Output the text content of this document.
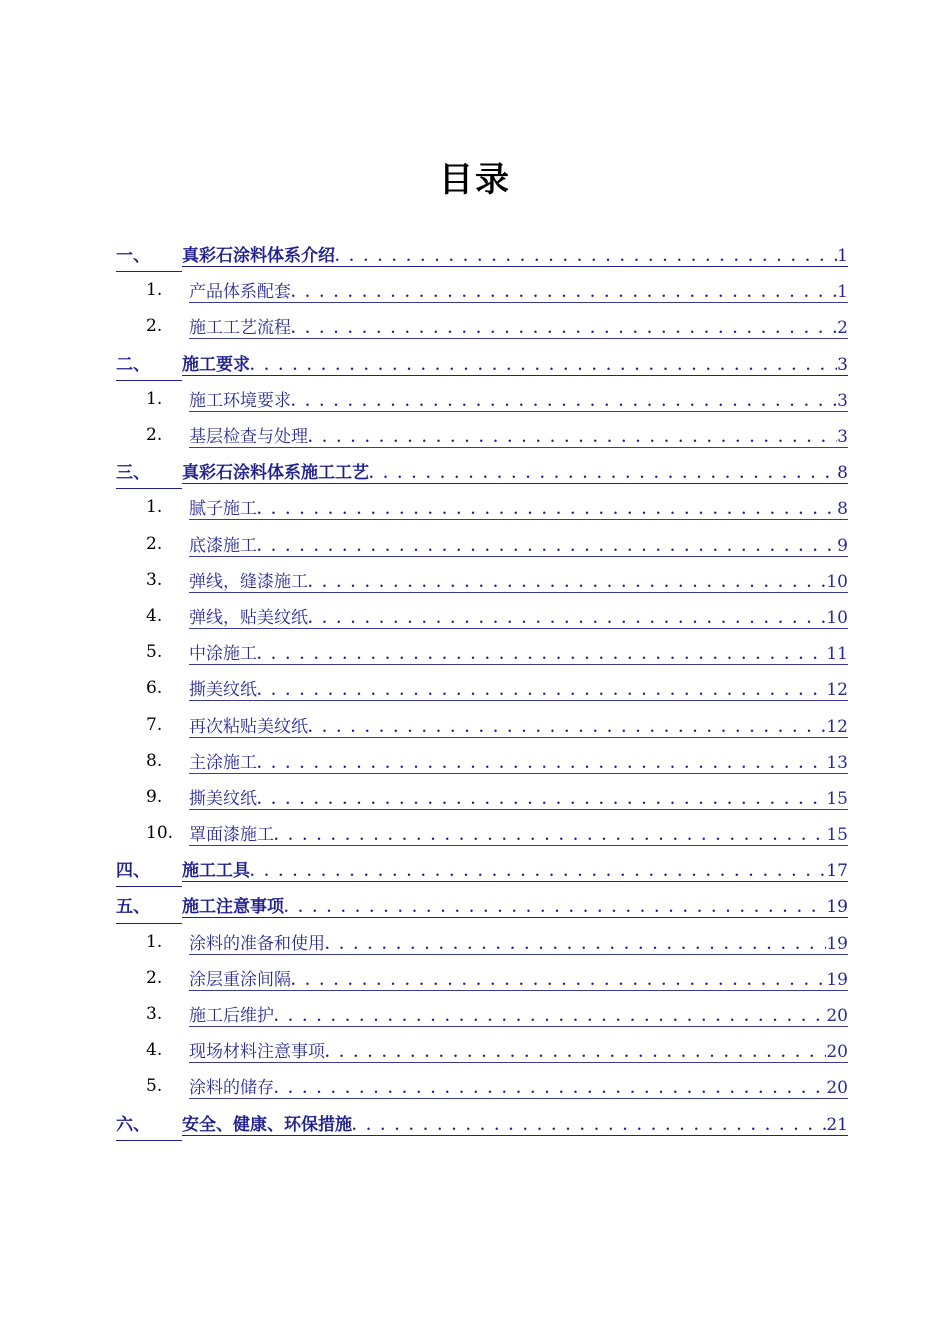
目录
一、	真彩石涂料体系介绍 . . .	1
1.	产品体系配套 . . .	1
2.	施工工艺流程 . . .	2
二、	施工要求 . . .	3
1.	施工环境要求 . . .	3
2.	基层检查与处理 . . .	3
三、	真彩石涂料体系施工工艺 . . .	8
1.	腻子施工 . . .	8
2.	底漆施工 . . .	9
3.	弹线，缝漆施工 . . .	10
4.	弹线，贴美纹纸 . . .	10
5.	中涂施工 . . .	11
6.	撕美纹纸 . . .	12
7.	再次粘贴美纹纸 . . .	12
8.	主涂施工 . . .	13
9.	撕美纹纸 . . .	15
10. 罩面漆施工 . . .	15
四、	施工工具 . . .	17
五、	施工注意事项 . . .	19
1.	涂料的准备和使用 . . .	19
2.	涂层重涂间隔 . . .	19
3.	施工后维护 . . .	20
4.	现场材料注意事项 . . .	20
5.	涂料的储存 . . .	20
六、	安全、健康、环保措施 . . .	21
